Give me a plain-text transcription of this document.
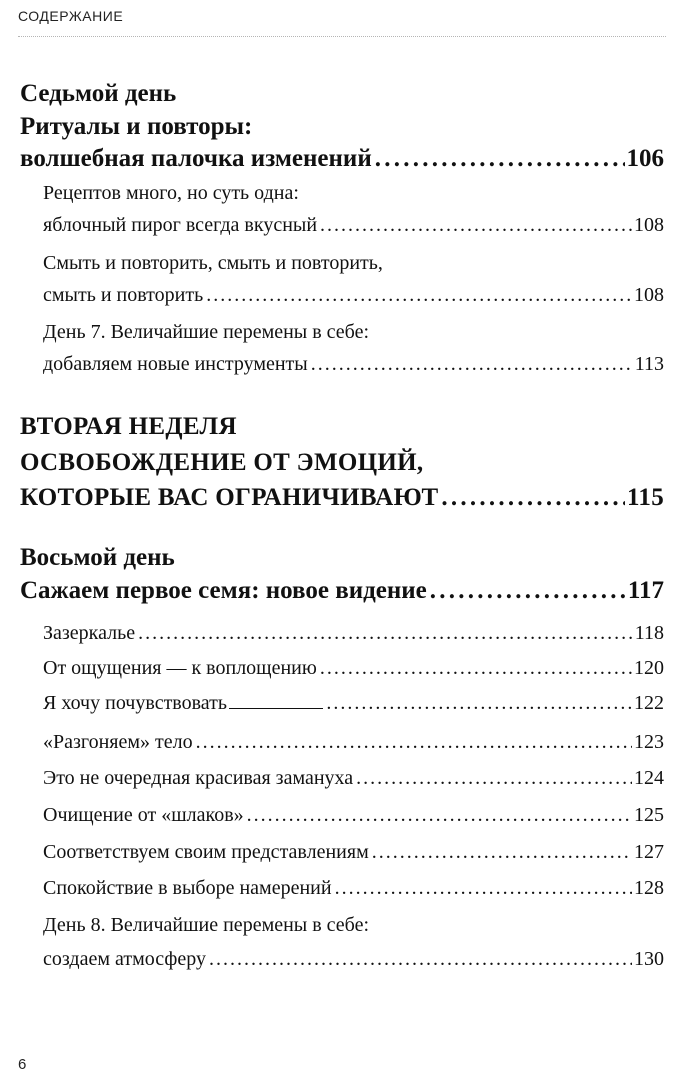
СОДЕРЖАНИЕ
Седьмой день
Ритуалы и повторы:
волшебная палочка изменений . . .	106
Рецептов много, но суть одна:
яблочный пирог всегда вкусный . . .	108
Смыть и повторить, смыть и повторить,
смыть и повторить . . .	108
День 7. Величайшие перемены в себе:
добавляем новые инструменты . . .	113
ВТОРАЯ НЕДЕЛЯ
ОСВОБОЖДЕНИЕ ОТ ЭМОЦИЙ,
КОТОРЫЕ ВАС ОГРАНИЧИВАЮТ . . .	115
Восьмой день
Сажаем первое семя: новое видение . . .	117
Зазеркалье . . .	118
От ощущения — к воплощению . . .	120
Я хочу почувствовать . . .	122
«Разгоняем» тело . . .	123
Это не очередная красивая замануха . . .	124
Очищение от «шлаков» . . .	125
Соответствуем своим представлениям . . .	127
Спокойствие в выборе намерений . . .	128
День 8. Величайшие перемены в себе:
создаем атмосферу . . .	130
6
